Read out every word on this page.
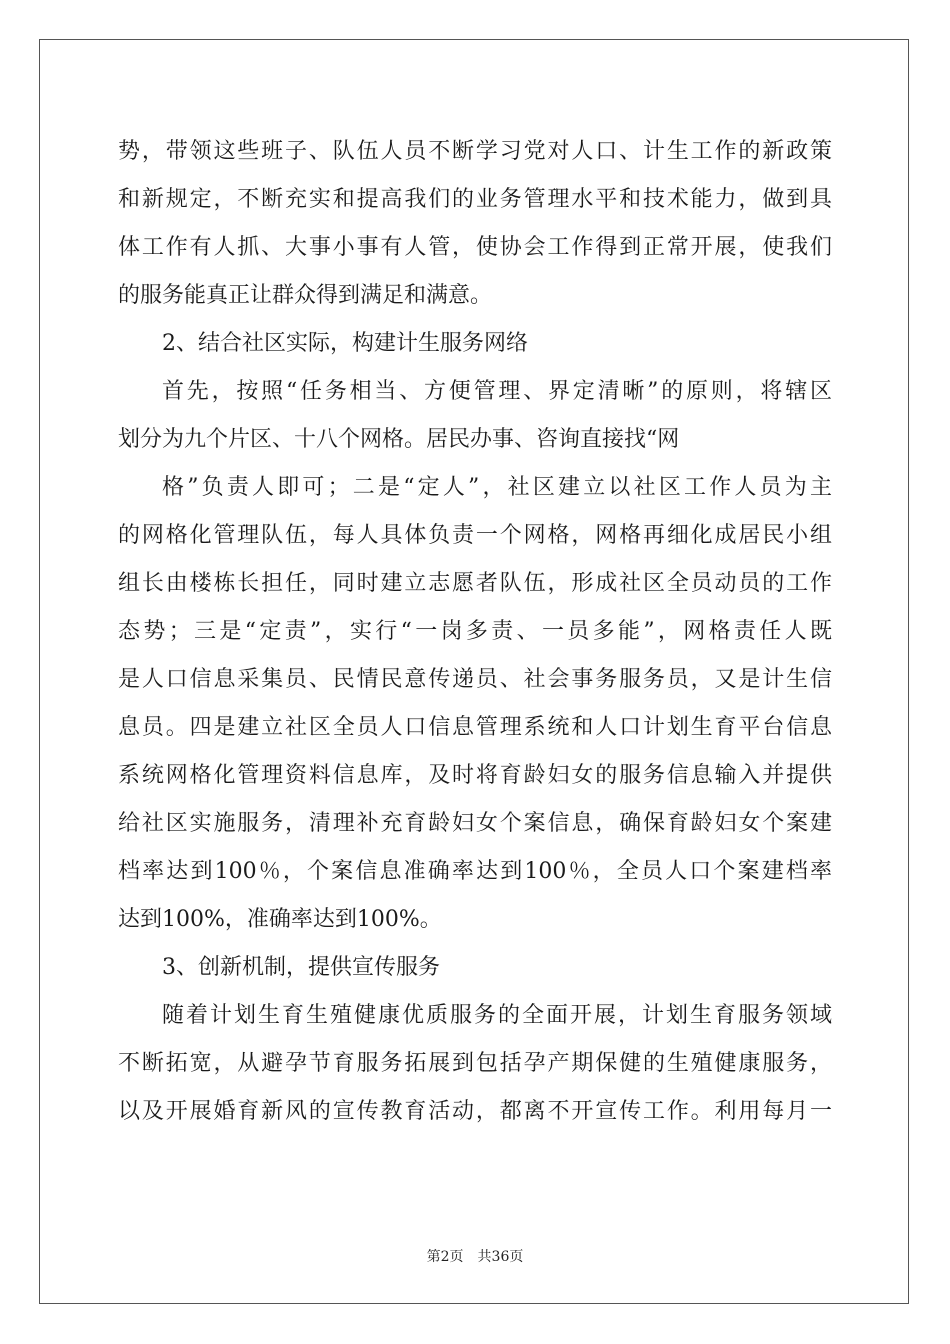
势，带领这些班子、队伍人员不断学习党对人口、计生工作的新政策
和新规定，不断充实和提高我们的业务管理水平和技术能力，做到具
体工作有人抓、大事小事有人管，使协会工作得到正常开展，使我们
的服务能真正让群众得到满足和满意。
2、结合社区实际，构建计生服务网络
首先，按照“任务相当、方便管理、界定清晰”的原则，将辖区
划分为九个片区、十八个网格。居民办事、咨询直接找“网
格”负责人即可；二是“定人”，社区建立以社区工作人员为主
的网格化管理队伍，每人具体负责一个网格，网格再细化成居民小组
组长由楼栋长担任，同时建立志愿者队伍，形成社区全员动员的工作
态势；三是“定责”，实行“一岗多责、一员多能”，网格责任人既
是人口信息采集员、民情民意传递员、社会事务服务员，又是计生信
息员。四是建立社区全员人口信息管理系统和人口计划生育平台信息
系统网格化管理资料信息库，及时将育龄妇女的服务信息输入并提供
给社区实施服务，清理补充育龄妇女个案信息，确保育龄妇女个案建
档率达到100％，个案信息准确率达到100％，全员人口个案建档率
达到100%，准确率达到100%。
3、创新机制，提供宣传服务
随着计划生育生殖健康优质服务的全面开展，计划生育服务领域
不断拓宽，从避孕节育服务拓展到包括孕产期保健的生殖健康服务，
以及开展婚育新风的宣传教育活动，都离不开宣传工作。利用每月一
第2页 共36页
